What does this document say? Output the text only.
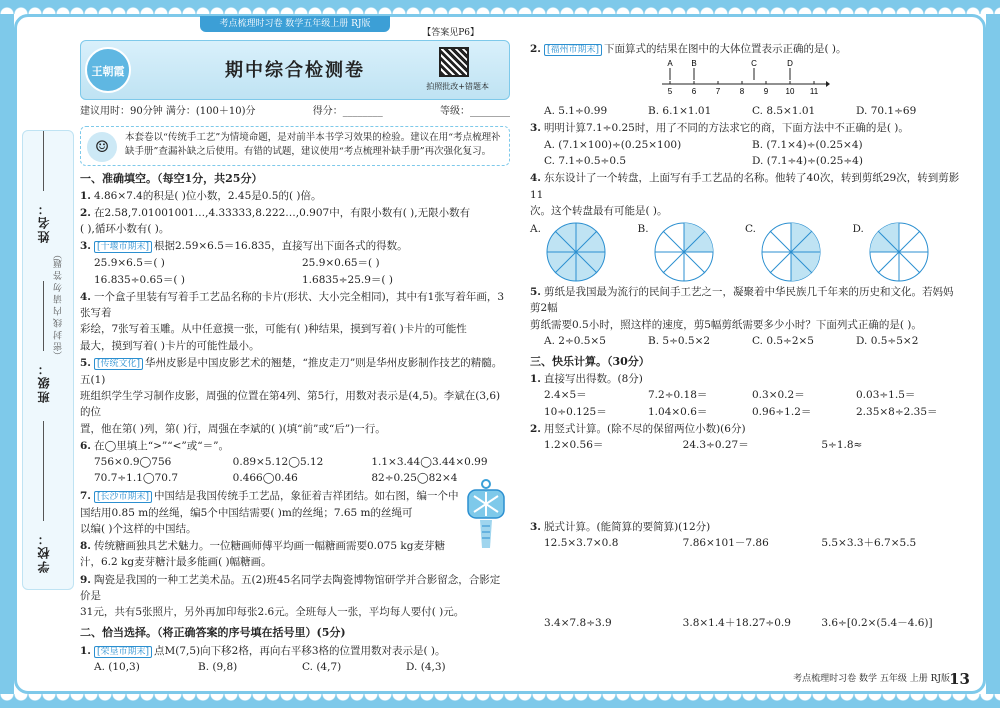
考点梳理时习卷 数学五年级上册 RJ版
姓名：
班级：
学校：
（密 封 线 内 请 勿 答 题）
【答案见P6】
王朝霞	期中综合检测卷
拍照批改+错题本
建议用时：90分钟 满分：(100＋10)分	得分：________	等级：________
☺	本套卷以“传统手工艺”为情境命题，是对前半本书学习效果的检验。建议在用“考点梳理补缺手册”查漏补缺之后使用。有错的试题，建议使用“考点梳理补缺手册”再次强化复习。
一、准确填空。（每空1分，共25分）
1. 4.86×7.4的积是( )位小数，2.45是0.5的( )倍。
2. 在2.58,7.01001001…,4.33333,8.222…,0.907中，有限小数有( ),无限小数有
( ),循环小数有( )。
3. [十堰市期末] 根据2.59×6.5＝16.835，直接写出下面各式的得数。
25.9×6.5＝( )	25.9×0.65＝( )
16.835÷0.65＝( )	1.6835÷25.9＝( )
4. 一个盒子里装有写着手工艺品名称的卡片(形状、大小完全相同)，其中有1张写着年画，3张写着
彩绘，7张写着玉雕。从中任意摸一张，可能有( )种结果，摸到写着( )卡片的可能性
最大，摸到写着( )卡片的可能性最小。
5. [传统文化] 华州皮影是中国皮影艺术的翘楚，“推皮走刀”则是华州皮影制作技艺的精髓。五(1)
班组织学生学习制作皮影，周强的位置在第4列、第5行，用数对表示是(4,5)。李斌在(3,6)的位
置，他在第( )列，第( )行，周强在李斌的( )(填“前”或“后”)一行。
6. 在◯里填上“>”“<”或“＝”。
756×0.9◯756	0.89×5.12◯5.12	1.1×3.44◯3.44×0.99
70.7÷1.1◯70.7	0.466◯0.4̇6̇	82÷0.25◯82×4
7. [长沙市期末] 中国结是我国传统手工艺品，象征着吉祥团结。如右图，编一个中
国结用0.85 m的丝绳，编5个中国结需要( )m的丝绳；7.65 m的丝绳可
以编( )个这样的中国结。
8. 传统糖画独具艺术魅力。一位糖画师傅平均画一幅糖画需要0.075 kg麦芽糖
汁，6.2 kg麦芽糖汁最多能画( )幅糖画。
9. 陶瓷是我国的一种工艺美术品。五(2)班45名同学去陶瓷博物馆研学并合影留念，合影定价是
31元，共有5张照片，另外再加印每张2.6元。全班每人一张，平均每人要付( )元。
二、恰当选择。（将正确答案的序号填在括号里）(5分)
1. [荣垦市期末] 点M(7,5)向下移2格，再向右平移3格的位置用数对表示是( )。
A. (10,3)	B. (9,8)	C. (4,7)	D. (4,3)
2. [福州市期末] 下面算式的结果在图中的大体位置表示正确的是( )。
5 6 7 8 9 10 11
A B	C	D
A. 5.1÷0.99	B. 6.1×1.01	C. 8.5×1.01	D. 70.1÷69
3. 明明计算7.1÷0.25时，用了不同的方法求它的商，下面方法中不正确的是( )。
A. (7.1×100)÷(0.25×100)	B. (7.1×4)÷(0.25×4)
C. 7.1÷0.5÷0.5	D. (7.1÷4)÷(0.25÷4)
4. 东东设计了一个转盘，上面写有手工艺品的名称。他转了40次，转到剪纸29次，转到剪影11
次。这个转盘最有可能是( )。
A.	B.	C.	D.
5. 剪纸是我国最为流行的民间手工艺之一，凝聚着中华民族几千年来的历史和文化。若妈妈剪2幅
剪纸需要0.5小时，照这样的速度，剪5幅剪纸需要多少小时？下面列式正确的是( )。
A. 2÷0.5×5	B. 5÷0.5×2	C. 0.5÷2×5	D. 0.5÷5×2
三、快乐计算。（30分）
1. 直接写出得数。(8分)
2.4×5＝	7.2÷0.18＝	0.3×0.2＝	0.03÷1.5＝
10÷0.125＝	1.04×0.6＝	0.96÷1.2＝	2.35×8÷2.35＝
2. 用竖式计算。(除不尽的保留两位小数)(6分)
1.2×0.56＝	24.3÷0.27＝	5÷1.8≈
3. 脱式计算。(能简算的要简算)(12分)
12.5×3.7×0.8	7.86×101－7.86	5.5×3.3＋6.7×5.5
3.4×7.8÷3.9	3.8×1.4＋18.27÷0.9	3.6÷[0.2×(5.4－4.6)]
考点梳理时习卷 数学 五年级 上册 RJ版 13
